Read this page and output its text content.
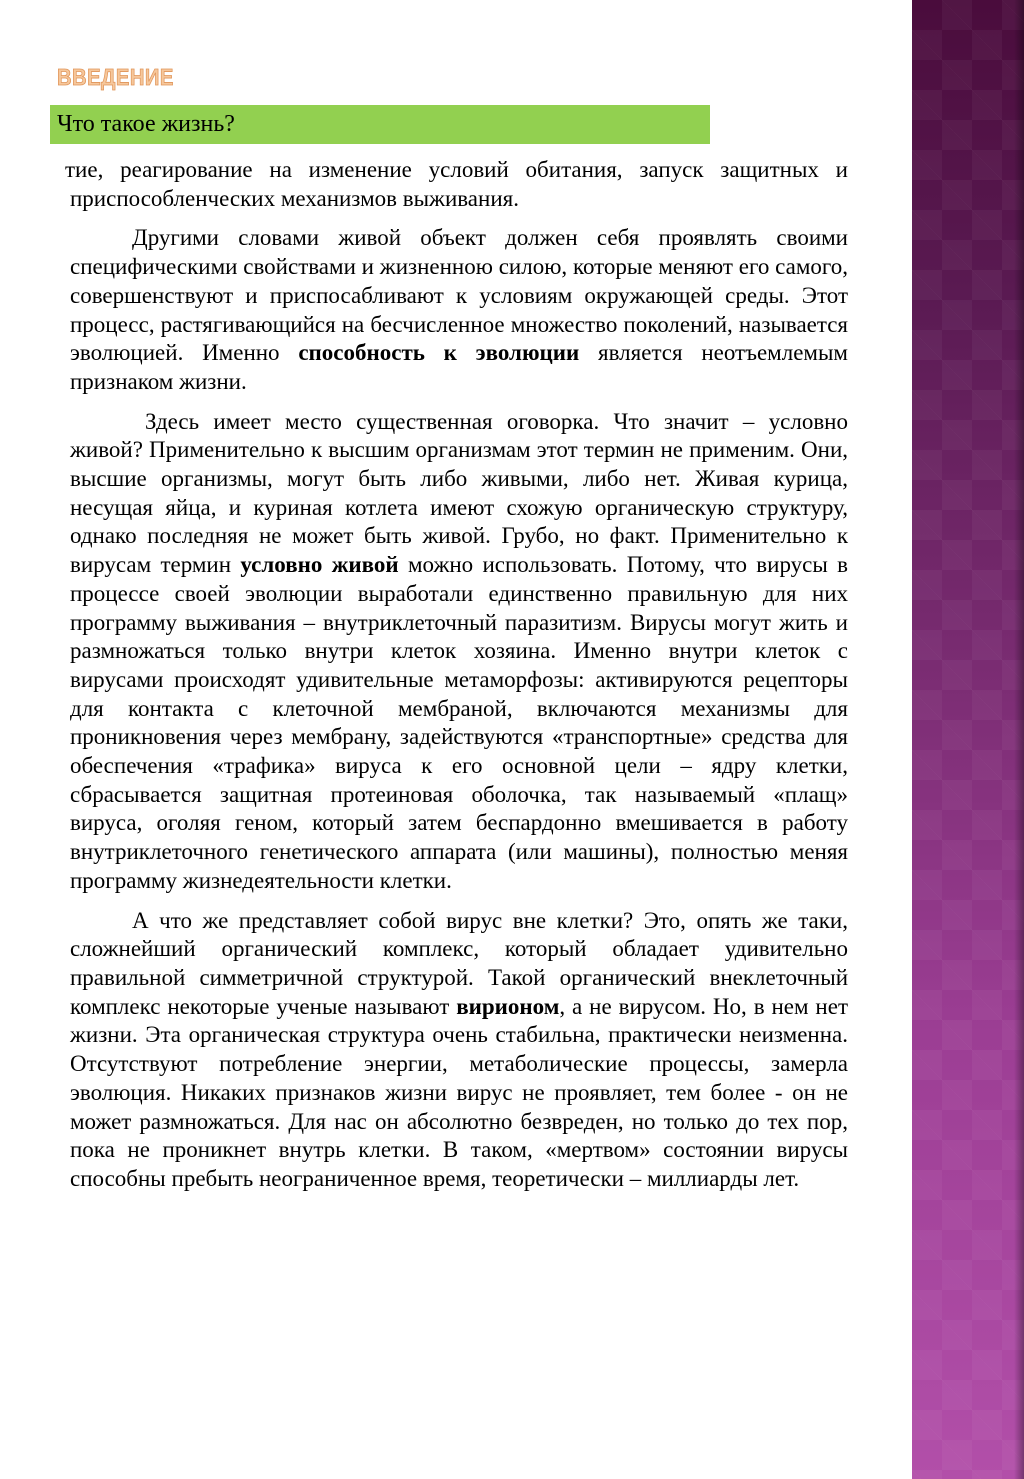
ВВЕДЕНИЕ
Что такое жизнь?

тие, реагирование на изменение условий обитания, запуск защитных и приспособленческих механизмов выживания.

Другими словами живой объект должен себя проявлять своими специфическими свойствами и жизненною силою, которые меняют его самого, совершенствуют и приспосабливают к условиям окружающей среды. Этот процесс, растягивающийся на бесчисленное множество поколений, называется эволюцией. Именно способность к эволюции является неотъемлемым признаком жизни.

Здесь имеет место существенная оговорка. Что значит – условно живой? Применительно к высшим организмам этот термин не применим. Они, высшие организмы, могут быть либо живыми, либо нет. Живая курица, несущая яйца, и куриная котлета имеют схожую органическую структуру, однако последняя не может быть живой. Грубо, но факт. Применительно к вирусам термин условно живой можно использовать. Потому, что вирусы в процессе своей эволюции выработали единственно правильную для них программу выживания – внутриклеточный паразитизм. Вирусы могут жить и размножаться только внутри клеток хозяина. Именно внутри клеток с вирусами происходят удивительные метаморфозы: активируются рецепторы для контакта с клеточной мембраной, включаются механизмы для проникновения через мембрану, задействуются «транспортные» средства для обеспечения «трафика» вируса к его основной цели – ядру клетки, сбрасывается защитная протеиновая оболочка, так называемый «плащ» вируса, оголяя геном, который затем беспардонно вмешивается в работу внутриклеточного генетического аппарата (или машины), полностью меняя программу жизнедеятельности клетки.

А что же представляет собой вирус вне клетки? Это, опять же таки, сложнейший органический комплекс, который обладает удивительно правильной симметричной структурой. Такой органический внеклеточный комплекс некоторые ученые называют вирионом, а не вирусом. Но, в нем нет жизни. Эта органическая структура очень стабильна, практически неизменна. Отсутствуют потребление энергии, метаболические процессы, замерла эволюция. Никаких признаков жизни вирус не проявляет, тем более - он не может размножаться. Для нас он абсолютно безвреден, но только до тех пор, пока не проникнет внутрь клетки. В таком, «мертвом» состоянии вирусы способны пребыть неограниченное время, теоретически – миллиарды лет.
